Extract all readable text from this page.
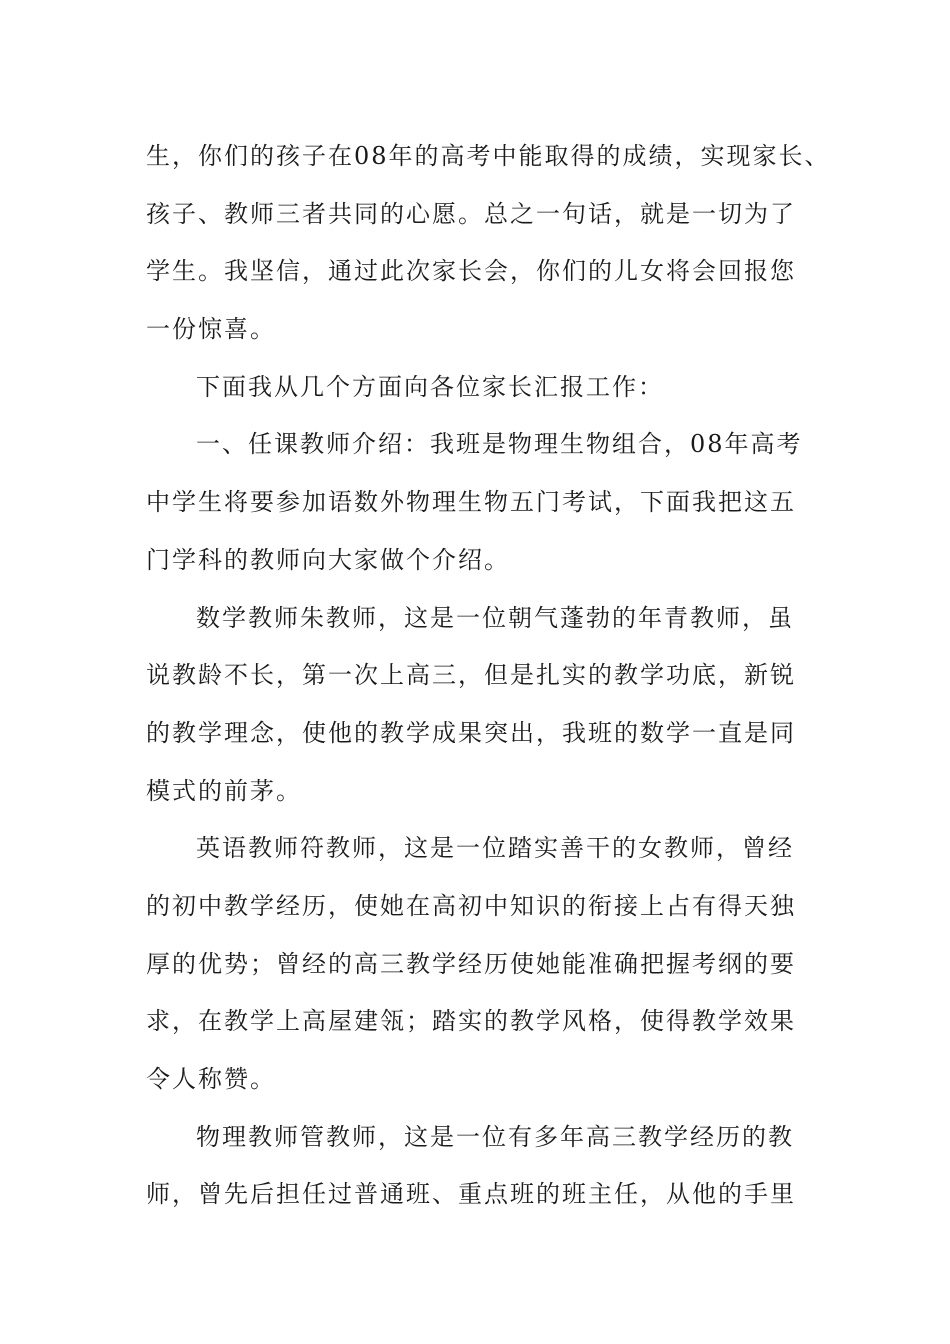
生，你们的孩子在08年的高考中能取得的成绩，实现家长、
孩子、教师三者共同的心愿。总之一句话，就是一切为了
学生。我坚信，通过此次家长会，你们的儿女将会回报您
一份惊喜。
下面我从几个方面向各位家长汇报工作：
一、任课教师介绍：我班是物理生物组合，08年高考
中学生将要参加语数外物理生物五门考试，下面我把这五
门学科的教师向大家做个介绍。
数学教师朱教师，这是一位朝气蓬勃的年青教师，虽
说教龄不长，第一次上高三，但是扎实的教学功底，新锐
的教学理念，使他的教学成果突出，我班的数学一直是同
模式的前茅。
英语教师符教师，这是一位踏实善干的女教师，曾经
的初中教学经历，使她在高初中知识的衔接上占有得天独
厚的优势；曾经的高三教学经历使她能准确把握考纲的要
求，在教学上高屋建瓴；踏实的教学风格，使得教学效果
令人称赞。
物理教师管教师，这是一位有多年高三教学经历的教
师，曾先后担任过普通班、重点班的班主任，从他的手里
